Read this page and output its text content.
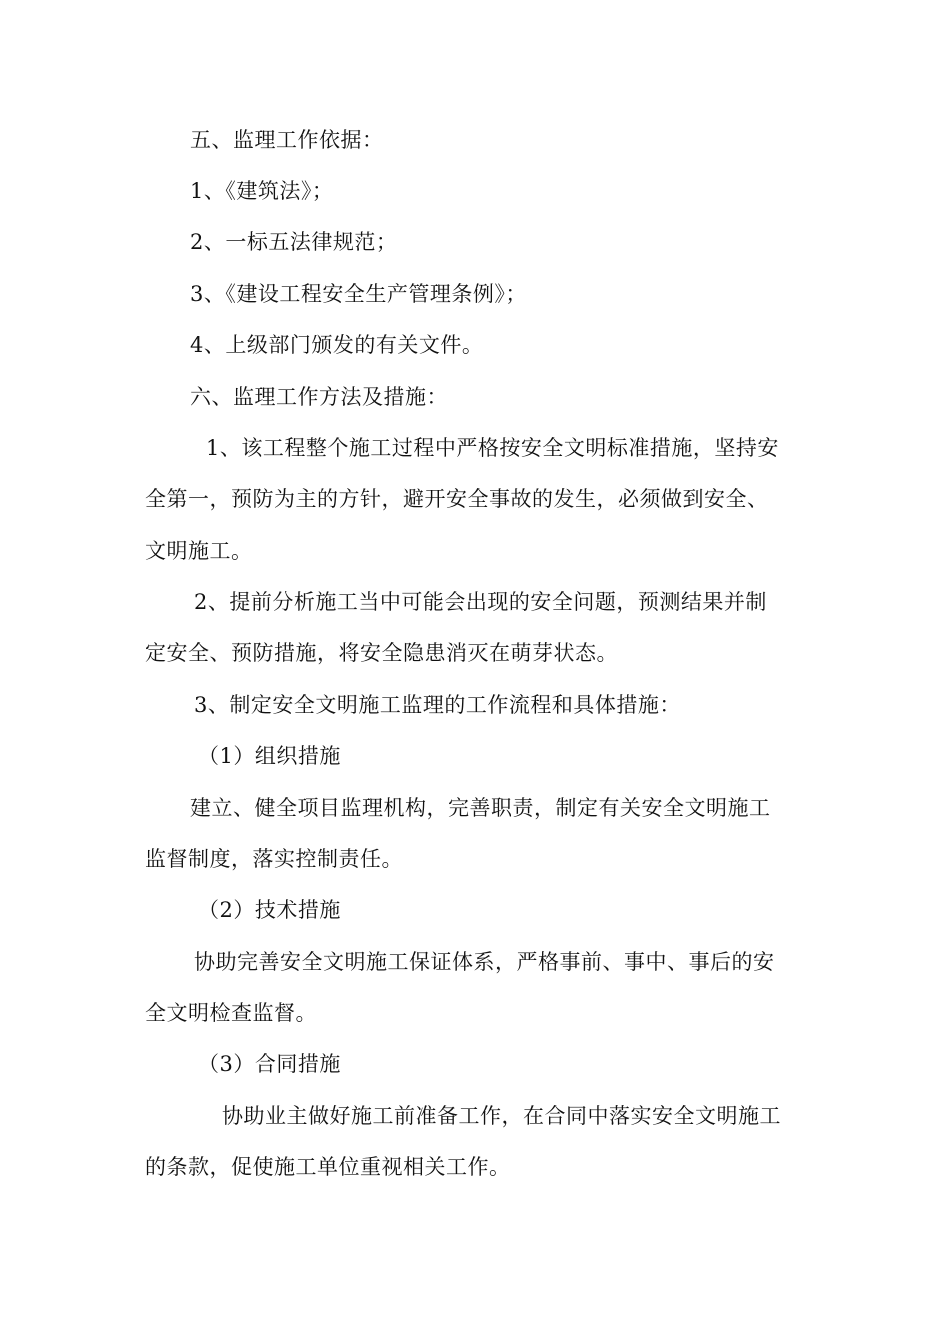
五、监理工作依据：
1、《建筑法》；
2、一标五法律规范；
3、《建设工程安全生产管理条例》；
4、上级部门颁发的有关文件。
六、监理工作方法及措施：
1、该工程整个施工过程中严格按安全文明标准措施，坚持安
全第一，预防为主的方针，避开安全事故的发生，必须做到安全、
文明施工。
2、提前分析施工当中可能会出现的安全问题，预测结果并制
定安全、预防措施，将安全隐患消灭在萌芽状态。
3、制定安全文明施工监理的工作流程和具体措施：
（1）组织措施
建立、健全项目监理机构，完善职责，制定有关安全文明施工
监督制度，落实控制责任。
（2）技术措施
协助完善安全文明施工保证体系，严格事前、事中、事后的安
全文明检查监督。
（3）合同措施
协助业主做好施工前准备工作，在合同中落实安全文明施工
的条款，促使施工单位重视相关工作。
